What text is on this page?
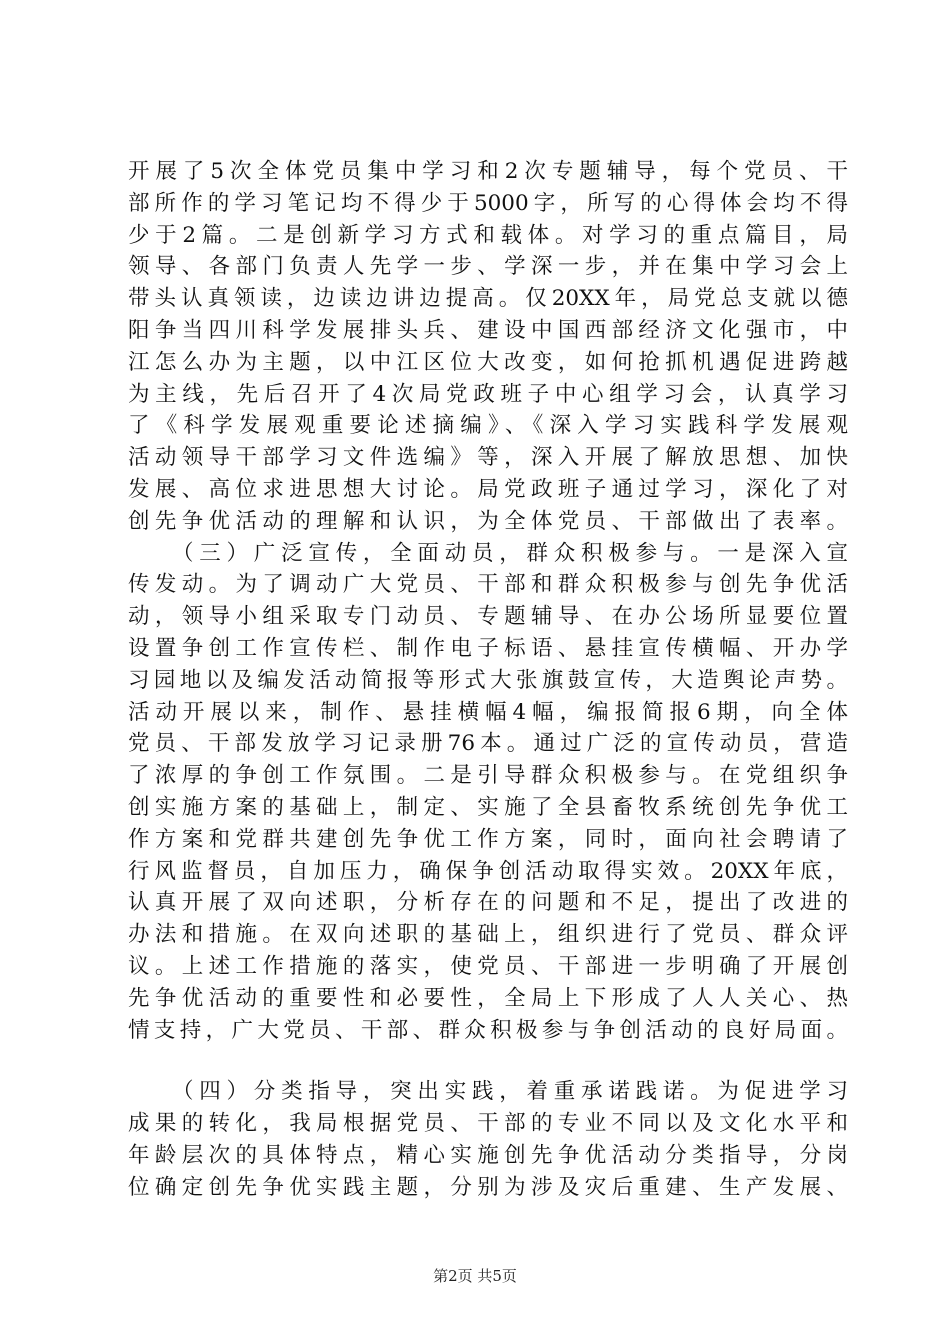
开展了5次全体党员集中学习和2次专题辅导，每个党员、干
部所作的学习笔记均不得少于5000字，所写的心得体会均不得
少于2篇。二是创新学习方式和载体。对学习的重点篇目，局
领导、各部门负责人先学一步、学深一步，并在集中学习会上
带头认真领读，边读边讲边提高。仅20XX年，局党总支就以德
阳争当四川科学发展排头兵、建设中国西部经济文化强市，中
江怎么办为主题，以中江区位大改变，如何抢抓机遇促进跨越
为主线，先后召开了4次局党政班子中心组学习会，认真学习
了《科学发展观重要论述摘编》、《深入学习实践科学发展观
活动领导干部学习文件选编》等，深入开展了解放思想、加快
发展、高位求进思想大讨论。局党政班子通过学习，深化了对
创先争优活动的理解和认识，为全体党员、干部做出了表率。
（三）广泛宣传，全面动员，群众积极参与。一是深入宣
传发动。为了调动广大党员、干部和群众积极参与创先争优活
动，领导小组采取专门动员、专题辅导、在办公场所显要位置
设置争创工作宣传栏、制作电子标语、悬挂宣传横幅、开办学
习园地以及编发活动简报等形式大张旗鼓宣传，大造舆论声势。
活动开展以来，制作、悬挂横幅4幅，编报简报6期，向全体
党员、干部发放学习记录册76本。通过广泛的宣传动员，营造
了浓厚的争创工作氛围。二是引导群众积极参与。在党组织争
创实施方案的基础上，制定、实施了全县畜牧系统创先争优工
作方案和党群共建创先争优工作方案，同时，面向社会聘请了
行风监督员，自加压力，确保争创活动取得实效。20XX年底，
认真开展了双向述职，分析存在的问题和不足，提出了改进的
办法和措施。在双向述职的基础上，组织进行了党员、群众评
议。上述工作措施的落实，使党员、干部进一步明确了开展创
先争优活动的重要性和必要性，全局上下形成了人人关心、热
情支持，广大党员、干部、群众积极参与争创活动的良好局面。
（四）分类指导，突出实践，着重承诺践诺。为促进学习
成果的转化，我局根据党员、干部的专业不同以及文化水平和
年龄层次的具体特点，精心实施创先争优活动分类指导，分岗
位确定创先争优实践主题，分别为涉及灾后重建、生产发展、
第2页 共5页
